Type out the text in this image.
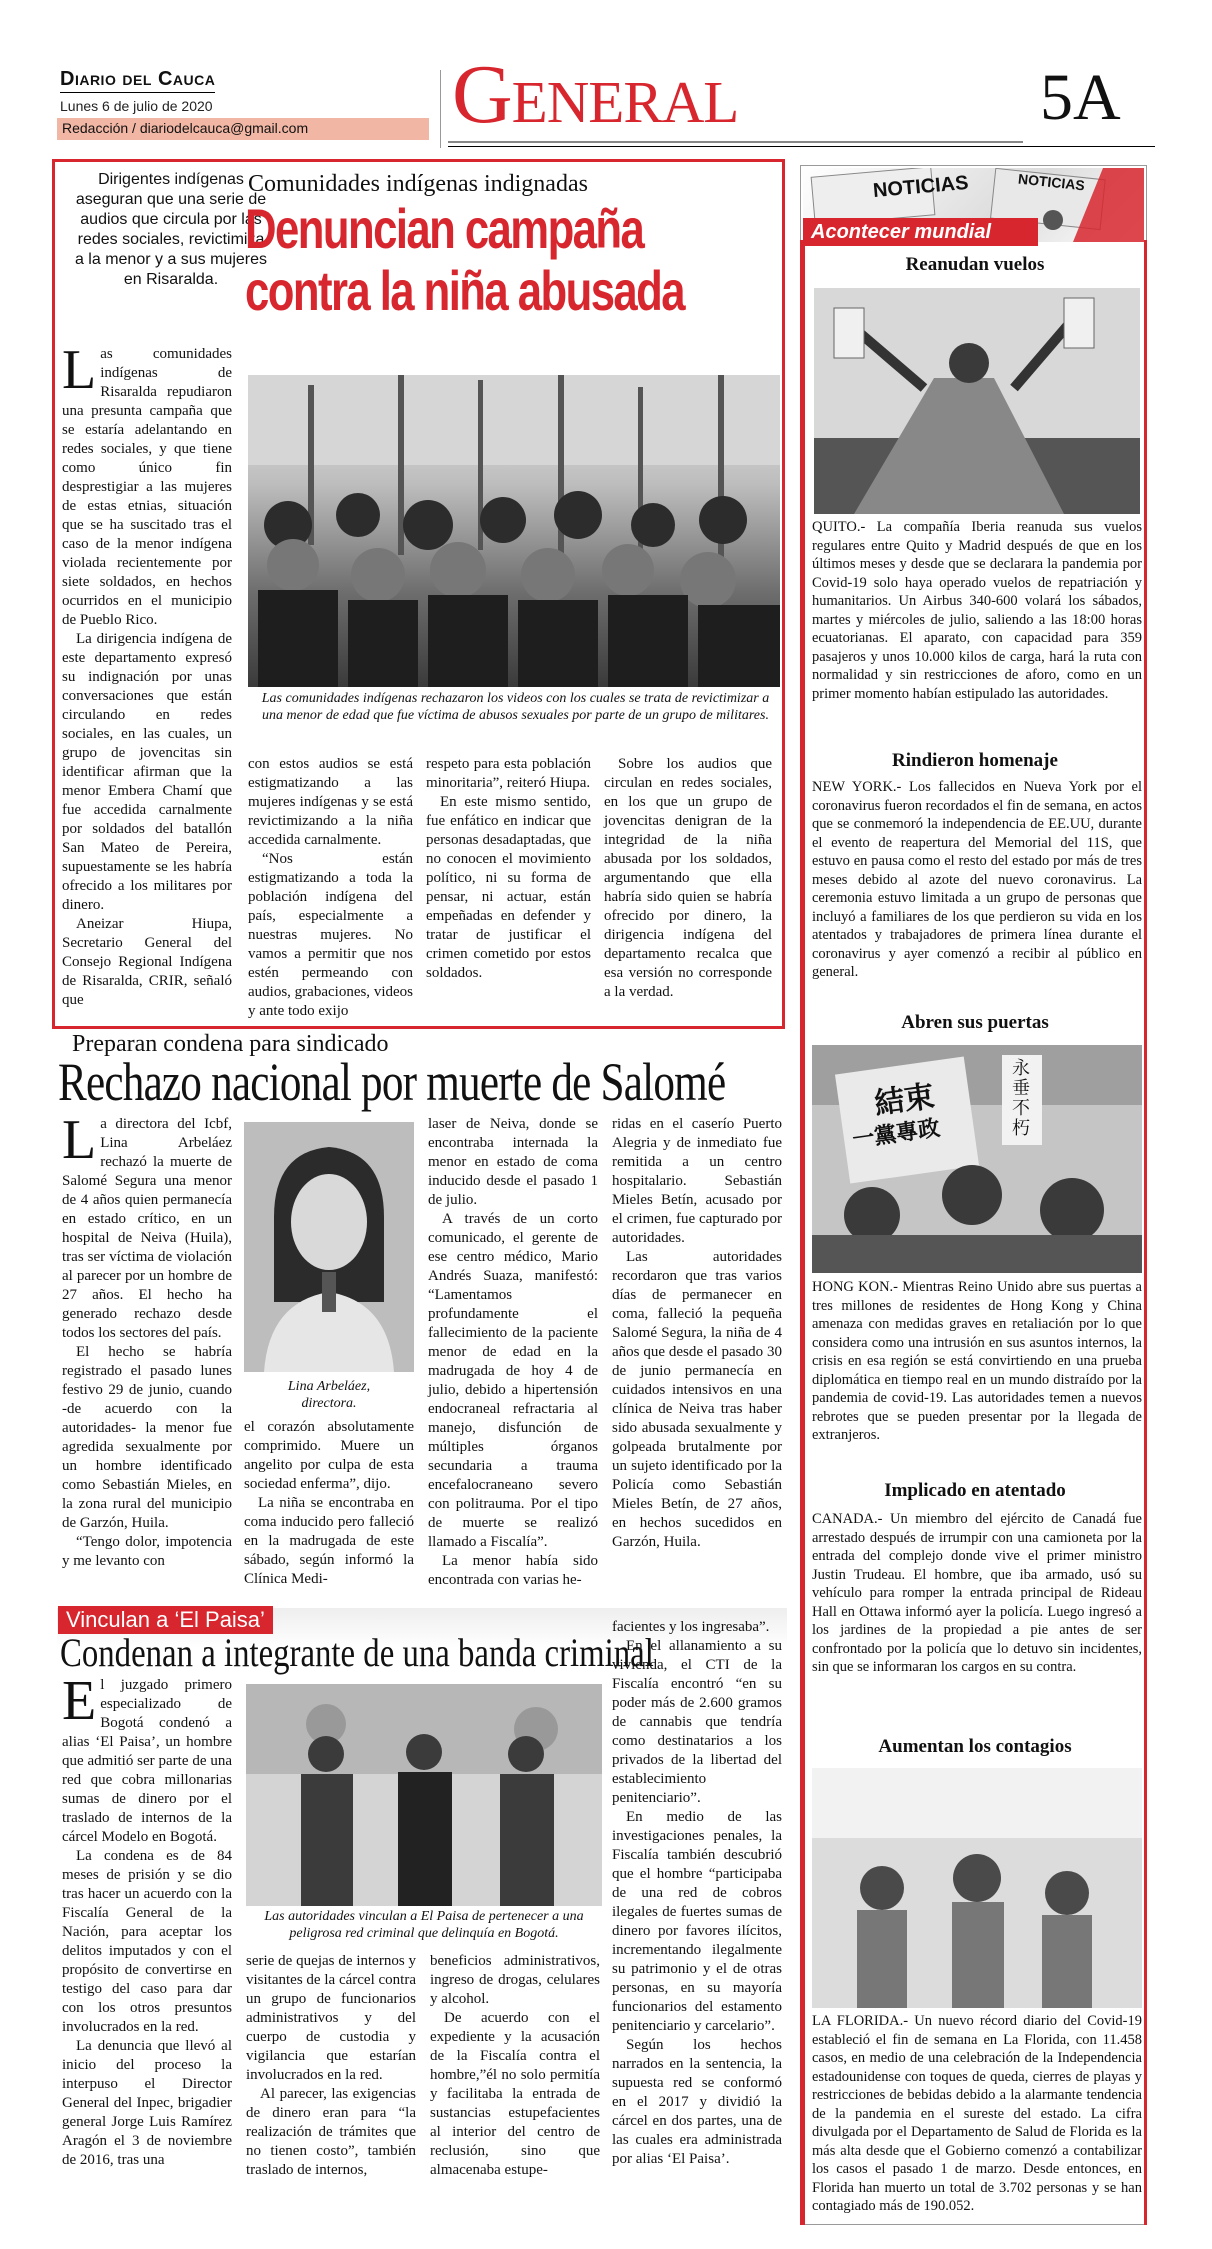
Diario del Cauca
Lunes 6 de julio de 2020
Redacción / diariodelcauca@gmail.com General	5A
Dirigentes indígenas aseguran que una serie de audios que circula por las redes sociales, revictimiza a la menor y a sus mujeres en Risaralda.
Comunidades indígenas indignadas
Denuncian campaña
contra la niña abusada
Las comunidades indígenas rechazaron los videos con los cuales se trata de revictimizar a una menor de edad que fue víctima de abusos sexuales por parte de un grupo de militares.

Las comunidades indígenas de Risaralda repudiaron una presunta campaña que se estaría adelantando en redes sociales, y que tiene como único fin desprestigiar a las mujeres de estas etnias, situación que se ha suscitado tras el caso de la menor indígena violada recientemente por siete soldados, en hechos ocurridos en el municipio de Pueblo Rico.

La dirigencia indígena de este departamento expresó su indignación por unas conversaciones que están circulando en redes sociales, en las cuales, un grupo de jovencitas sin identificar afirman que la menor Embera Chamí que fue accedida carnalmente por soldados del batallón San Mateo de Pereira, supuestamente se les habría ofrecido a los militares por dinero.

Aneizar Hiupa, Secretario General del Consejo Regional Indígena de Risaralda, CRIR, señaló que

con estos audios se está estigmatizando a las mujeres indígenas y se está revictimizando a la niña accedida carnalmente.

“Nos están estigmatizando a toda la población indígena del país, especialmente a nuestras mujeres. No vamos a permitir que nos estén permeando con audios, grabaciones, videos y ante todo exijo

respeto para esta población minoritaria”, reiteró Hiupa.

En este mismo sentido, fue enfático en indicar que personas desadaptadas, que no conocen el movimiento político, ni su forma de pensar, ni actuar, están empeñadas en defender y tratar de justificar el crimen cometido por estos soldados.

Sobre los audios que circulan en redes sociales, en los que un grupo de jovencitas denigran de la integridad de la niña abusada por los soldados, argumentando que ella habría sido quien se habría ofrecido por dinero, la dirigencia indígena del departamento recalca que esa versión no corresponde a la verdad.

Preparan condena para sindicado
Rechazo nacional por muerte de Salomé

La directora del Icbf, Lina Arbeláez rechazó la muerte de Salomé Segura una menor de 4 años quien permanecía en estado crítico, en un hospital de Neiva (Huila), tras ser víctima de violación al parecer por un hombre de 27 años. El hecho ha generado rechazo desde todos los sectores del país.

El hecho se habría registrado el pasado lunes festivo 29 de junio, cuando -de acuerdo con la autoridades- la menor fue agredida sexualmente por un hombre identificado como Sebastián Mieles, en la zona rural del municipio de Garzón, Huila.

“Tengo dolor, impotencia y me levanto con

Lina Arbeláez,
directora.

el corazón absolutamente comprimido. Muere un angelito por culpa de esta sociedad enferma”, dijo.

La niña se encontraba en coma inducido pero falleció en la madrugada de este sábado, según informó la Clínica Medi-

laser de Neiva, donde se encontraba internada la menor en estado de coma inducido desde el pasado 1 de julio.

A través de un corto comunicado, el gerente de ese centro médico, Mario Andrés Suaza, manifestó: “Lamentamos profundamente el fallecimiento de la paciente menor de edad en la madrugada de hoy 4 de julio, debido a hipertensión endocraneal refractaria al manejo, disfunción de múltiples órganos secundaria a trauma encefalocraneano severo con politrauma. Por el tipo de muerte se realizó llamado a Fiscalía”.

La menor había sido encontrada con varias he-

ridas en el caserío Puerto Alegria y de inmediato fue remitida a un centro hospitalario. Sebastián Mieles Betín, acusado por el crimen, fue capturado por autoridades.

Las autoridades recordaron que tras varios días de permanecer en coma, falleció la pequeña Salomé Segura, la niña de 4 años que desde el pasado 30 de junio permanecía en cuidados intensivos en una clínica de Neiva tras haber sido abusada sexualmente y golpeada brutalmente por un sujeto identificado por la Policía como Sebastián Mieles Betín, de 27 años, en hechos sucedidos en Garzón, Huila.

Vinculan a ‘El Paisa’
Condenan a integrante de una banda criminal

El juzgado primero especializado de Bogotá condenó a alias ‘El Paisa’, un hombre que admitió ser parte de una red que cobra millonarias sumas de dinero por el traslado de internos de la cárcel Modelo en Bogotá.

La condena es de 84 meses de prisión y se dio tras hacer un acuerdo con la Fiscalía General de la Nación, para aceptar los delitos imputados y con el propósito de convertirse en testigo del caso para dar con los otros presuntos involucrados en la red.

La denuncia que llevó al inicio del proceso la interpuso el Director General del Inpec, brigadier general Jorge Luis Ramírez Aragón el 3 de noviembre de 2016, tras una

Las autoridades vinculan a El Paisa de pertenecer a una peligrosa red criminal que delinquía en Bogotá.

serie de quejas de internos y visitantes de la cárcel contra un grupo de funcionarios administrativos y del cuerpo de custodia y vigilancia que estarían involucrados en la red.

Al parecer, las exigencias de dinero eran para “la realización de trámites que no tienen costo”, también traslado de internos,

beneficios administrativos, ingreso de drogas, celulares y alcohol.

De acuerdo con el expediente y la acusación de la Fiscalía contra el hombre,”él no solo permitía y facilitaba la entrada de sustancias estupefacientes al interior del centro de reclusión, sino que almacenaba estupe-

facientes y los ingresaba”.

En el allanamiento a su vivienda, el CTI de la Fiscalía encontró “en su poder más de 2.600 gramos de cannabis que tendría como destinatarios a los privados de la libertad del establecimiento penitenciario”.

En medio de las investigaciones penales, la Fiscalía también descubrió que el hombre “participaba de una red de cobros ilegales de fuertes sumas de dinero por favores ilícitos, incrementando ilegalmente su patrimonio y el de otras personas, en su mayoría funcionarios del estamento penitenciario y carcelario”.

Según los hechos narrados en la sentencia, la supuesta red se conformó en el 2017 y dividió la cárcel en dos partes, una de las cuales era administrada por alias ‘El Paisa’.

NOTICIAS	NOTICIAS
Acontecer mundial
Reanudan vuelos
QUITO.- La compañía Iberia reanuda sus vuelos regulares entre Quito y Madrid después de que en los últimos meses y desde que se declarara la pandemia por Covid-19 solo haya operado vuelos de repatriación y humanitarios. Un Airbus 340-600 volará los sábados, martes y miércoles de julio, saliendo a las 18:00 horas ecuatorianas. El aparato, con capacidad para 359 pasajeros y unos 10.000 kilos de carga, hará la ruta con normalidad y sin restricciones de aforo, como en un primer momento habían estipulado las autoridades.
Rindieron homenaje
NEW YORK.- Los fallecidos en Nueva York por el coronavirus fueron recordados el fin de semana, en actos que se conmemoró la independencia de EE.UU, durante el evento de reapertura del Memorial del 11S, que estuvo en pausa como el resto del estado por más de tres meses debido al azote del nuevo coronavirus. La ceremonia estuvo limitada a un grupo de personas que incluyó a familiares de los que perdieron su vida en los atentados y trabajadores de primera línea durante el coronavirus y ayer comenzó a recibir al público en general.
Abren sus puertas
結束
一黨專政
永垂不朽
HONG KON.- Mientras Reino Unido abre sus puertas a tres millones de residentes de Hong Kong y China amenaza con medidas graves en retaliación por lo que considera como una intrusión en sus asuntos internos, la crisis en esa región se está convirtiendo en una prueba diplomática en tiempo real en un mundo distraído por la pandemia de covid-19. Las autoridades temen a nuevos rebrotes que se pueden presentar por la llegada de extranjeros.
Implicado en atentado
CANADA.- Un miembro del ejército de Canadá fue arrestado después de irrumpir con una camioneta por la entrada del complejo donde vive el primer ministro Justin Trudeau. El hombre, que iba armado, usó su vehículo para romper la entrada principal de Rideau Hall en Ottawa informó ayer la policía. Luego ingresó a los jardines de la propiedad a pie antes de ser confrontado por la policía que lo detuvo sin incidentes, sin que se informaran los cargos en su contra.
Aumentan los contagios
LA FLORIDA.- Un nuevo récord diario del Covid-19 estableció el fin de semana en La Florida, con 11.458 casos, en medio de una celebración de la Independencia estadounidense con toques de queda, cierres de playas y restricciones de bebidas debido a la alarmante tendencia de la pandemia en el sureste del estado. La cifra divulgada por el Departamento de Salud de Florida es la más alta desde que el Gobierno comenzó a contabilizar los casos el pasado 1 de marzo. Desde entonces, en Florida han muerto un total de 3.702 personas y se han contagiado más de 190.052.
